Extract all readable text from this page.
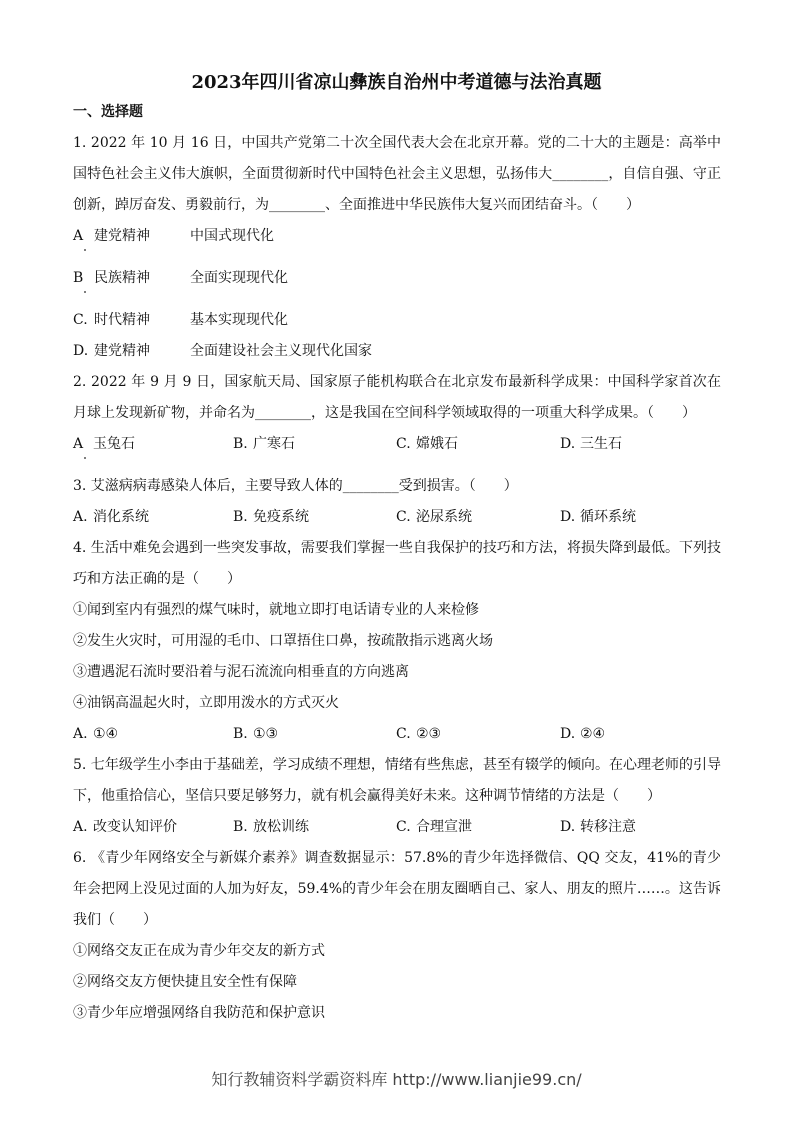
2023年四川省凉山彝族自治州中考道德与法治真题

一、选择题

1. 2022 年 10 月 16 日，中国共产党第二十次全国代表大会在北京开幕。党的二十大的主题是：高举中国特色社会主义伟大旗帜，全面贯彻新时代中国特色社会主义思想，弘扬伟大________，自信自强、守正创新，踔厉奋发、勇毅前行，为________、全面推进中华民族伟大复兴而团结奋斗。（　　）

A 建党精神	中国式现代化
B 民族精神	全面实现现代化
C. 时代精神	基本实现现代化
D. 建党精神	全面建设社会主义现代化国家

2. 2022 年 9 月 9 日，国家航天局、国家原子能机构联合在北京发布最新科学成果：中国科学家首次在月球上发现新矿物，并命名为________，这是我国在空间科学领域取得的一项重大科学成果。（　　）

A 玉兔石	B. 广寒石	C. 嫦娥石	D. 三生石

3. 艾滋病病毒感染人体后，主要导致人体的________受到损害。（　　）

A. 消化系统	B. 免疫系统	C. 泌尿系统	D. 循环系统

4. 生活中难免会遇到一些突发事故，需要我们掌握一些自我保护的技巧和方法，将损失降到最低。下列技巧和方法正确的是（　　）

①闻到室内有强烈的煤气味时，就地立即打电话请专业的人来检修

②发生火灾时，可用湿的毛巾、口罩捂住口鼻，按疏散指示逃离火场

③遭遇泥石流时要沿着与泥石流流向相垂直的方向逃离

④油锅高温起火时，立即用泼水的方式灭火

A. ①④	B. ①③	C. ②③	D. ②④

5. 七年级学生小李由于基础差，学习成绩不理想，情绪有些焦虑，甚至有辍学的倾向。在心理老师的引导下，他重拾信心，坚信只要足够努力，就有机会赢得美好未来。这种调节情绪的方法是（　　）

A. 改变认知评价	B. 放松训练	C. 合理宣泄	D. 转移注意

6. 《青少年网络安全与新媒介素养》调查数据显示：57.8%的青少年选择微信、QQ 交友，41%的青少年会把网上没见过面的人加为好友，59.4%的青少年会在朋友圈晒自己、家人、朋友的照片……。这告诉我们（　　）

①网络交友正在成为青少年交友的新方式

②网络交友方便快捷且安全性有保障

③青少年应增强网络自我防范和保护意识

知行教辅资料学霸资料库 http://www.lianjie99.cn/
